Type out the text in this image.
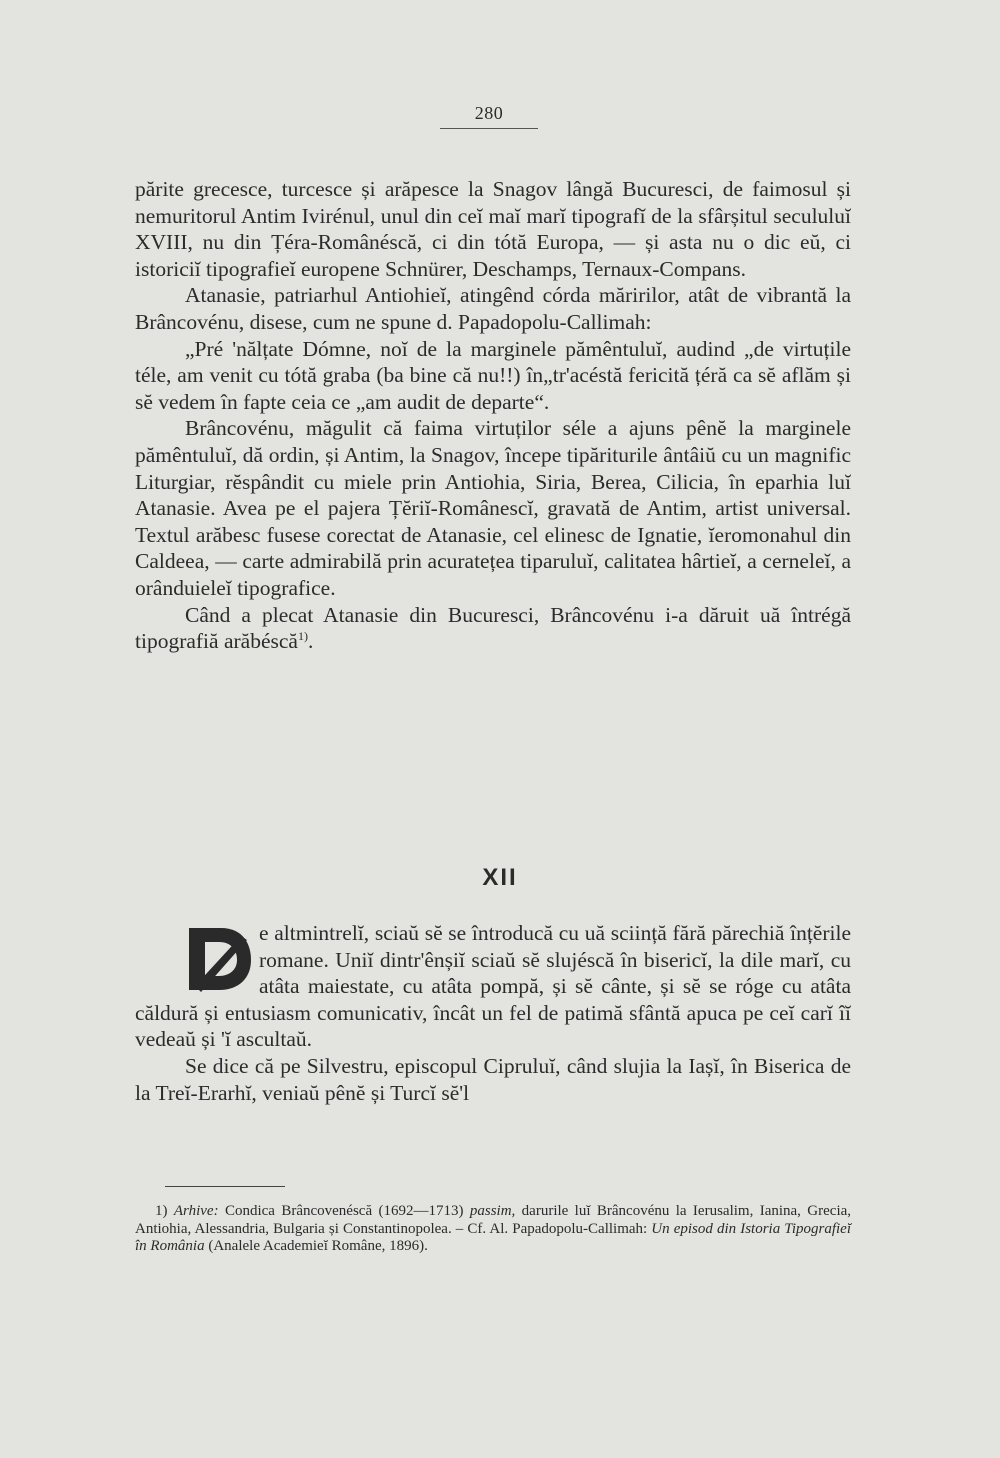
280

părite grecesce, turcesce și arăpesce la Snagov lângă Bucuresci, de faimosul și nemuritorul Antim Ivirénul, unul din ceĭ maĭ marĭ tipografĭ de la sfârșitul secululuĭ XVIII, nu din Țéra-Românéscă, ci din tótă Europa, — și asta nu o dic eŭ, ci istoriciĭ tipografieĭ europene Schnürer, Deschamps, Ternaux-Compans.

Atanasie, patriarhul Antiohieĭ, atingênd córda măririlor, atât de vibrantă la Brâncovénu, disese, cum ne spune d. Papadopolu-Callimah:

„Pré 'nălțate Dómne, noĭ de la marginele pămêntuluĭ, audind „de virtuțile téle, am venit cu tótă graba (ba bine că nu!!) în„tr'acéstă fericită țéră ca sĕ aflăm și sĕ vedem în fapte ceia ce „am audit de departe“.

Brâncovénu, măgulit că faima virtuților séle a ajuns pênĕ la marginele pămêntuluĭ, dă ordin, și Antim, la Snagov, începe tipăriturile ântâiŭ cu un magnific Liturgiar, rĕspândit cu miele prin Antiohia, Siria, Berea, Cilicia, în eparhia luĭ Atanasie. Avea pe el pajera Țĕriĭ-Românescĭ, gravată de Antim, artist universal. Textul arăbesc fusese corectat de Atanasie, cel elinesc de Ignatie, ĭeromonahul din Caldeea, — carte admirabilă prin acuratețea tiparuluĭ, calitatea hârtieĭ, a cerneleĭ, a orânduieleĭ tipografice.

Când a plecat Atanasie din Bucuresci, Brâncovénu i-a dăruit uă întrégă tipografiă arăbéscă$^{1)}$.

XII

e altmintrelĭ, sciaŭ sĕ se întroducă cu uă sciință fără părechiă înțĕrile romane. Uniĭ dintr'ênșiĭ sciaŭ sĕ slujéscă în bisericĭ, la dile marĭ, cu atâta maiestate, cu atâta pompă, și sĕ cânte, și sĕ se róge cu atâta căldură și entusiasm comunicativ, încât un fel de patimă sfântă apuca pe ceĭ carĭ îĭ vedeaŭ și 'ĭ ascultaŭ.

Se dice că pe Silvestru, episcopul Cipruluĭ, când slujia la Iașĭ, în Biserica de la Treĭ-Erarhĭ, veniaŭ pênĕ și Turcĭ sĕ'l

1) Arhive: Condica Brâncovenéscă (1692—1713) passim, darurile luĭ Brâncovénu la Ierusalim, Ianina, Grecia, Antiohia, Alessandria, Bulgaria și Constantinopolea. – Cf. Al. Papadopolu-Callimah: Un episod din Istoria Tipografieĭ în România (Analele Academieĭ Române, 1896).
